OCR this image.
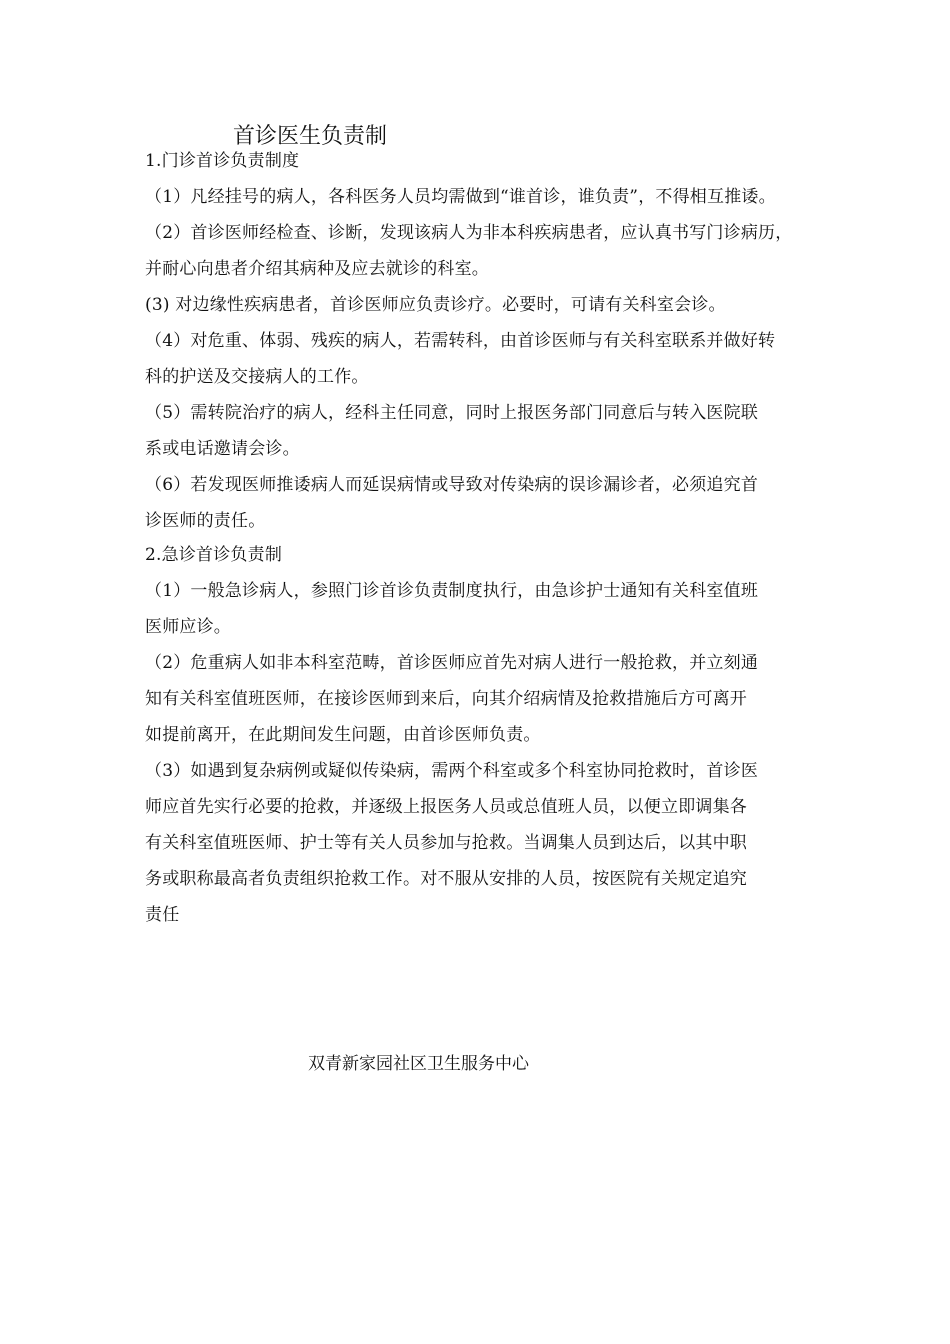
首诊医生负责制
1.门诊首诊负责制度
（1）凡经挂号的病人，各科医务人员均需做到“谁首诊，谁负责”，不得相互推诿。
（2）首诊医师经检查、诊断，发现该病人为非本科疾病患者，应认真书写门诊病历，
并耐心向患者介绍其病种及应去就诊的科室。
(3) 对边缘性疾病患者，首诊医师应负责诊疗。必要时，可请有关科室会诊。
（4）对危重、体弱、残疾的病人，若需转科，由首诊医师与有关科室联系并做好转
科的护送及交接病人的工作。
（5）需转院治疗的病人，经科主任同意，同时上报医务部门同意后与转入医院联
系或电话邀请会诊。
（6）若发现医师推诿病人而延误病情或导致对传染病的误诊漏诊者，必须追究首
诊医师的责任。
2.急诊首诊负责制
（1）一般急诊病人，参照门诊首诊负责制度执行，由急诊护士通知有关科室值班
医师应诊。
（2）危重病人如非本科室范畴，首诊医师应首先对病人进行一般抢救，并立刻通
知有关科室值班医师，在接诊医师到来后，向其介绍病情及抢救措施后方可离开
如提前离开，在此期间发生问题，由首诊医师负责。
（3）如遇到复杂病例或疑似传染病，需两个科室或多个科室协同抢救时，首诊医
师应首先实行必要的抢救，并逐级上报医务人员或总值班人员，以便立即调集各
有关科室值班医师、护士等有关人员参加与抢救。当调集人员到达后，以其中职
务或职称最高者负责组织抢救工作。对不服从安排的人员，按医院有关规定追究
责任
双青新家园社区卫生服务中心
